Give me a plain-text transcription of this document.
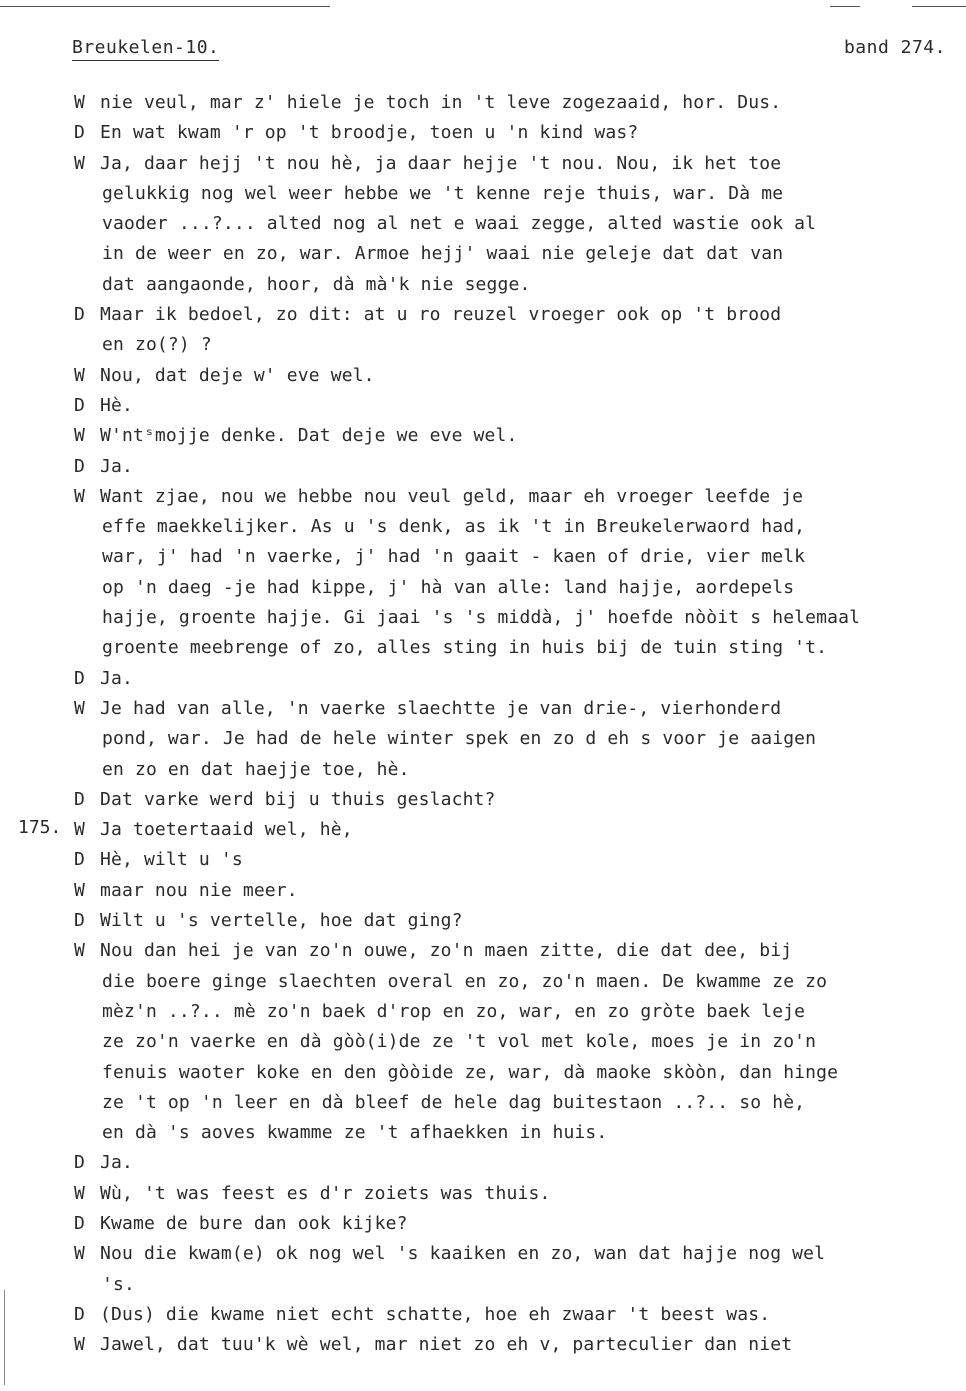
Breukelen-10.	band 274.
175.
W nie veul, mar z' hiele je toch in 't leve zogezaaid, hor. Dus.
D En wat kwam 'r op 't broodje, toen u 'n kind was?
W Ja, daar hejj 't nou hè, ja daar hejje 't nou. Nou, ik het toe
gelukkig nog wel weer hebbe we 't kenne reje thuis, war. Dà me
vaoder ...?... alted nog al net e waai zegge, alted wastie ook al
in de weer en zo, war. Armoe hejj' waai nie geleje dat dat van
dat aangaonde, hoor, dà mà'k nie segge.
D Maar ik bedoel, zo dit: at u ro reuzel vroeger ook op 't brood
en zo(?) ?
W Nou, dat deje w' eve wel.
D Hè.
W W'ntˢmojje denke. Dat deje we eve wel.
D Ja.
W Want zjae, nou we hebbe nou veul geld, maar eh vroeger leefde je
effe maekkelijker. As u 's denk, as ik 't in Breukelerwaord had,
war, j' had 'n vaerke, j' had 'n gaait - kaen of drie, vier melk
op 'n daeg -je had kippe, j' hà van alle: land hajje, aordepels
hajje, groente hajje. Gi jaai 's 's middà, j' hoefde nòòit s helemaal
groente meebrenge of zo, alles sting in huis bij de tuin sting 't.
D Ja.
W Je had van alle, 'n vaerke slaechtte je van drie-, vierhonderd
pond, war. Je had de hele winter spek en zo d eh s voor je aaigen
en zo en dat haejje toe, hè.
D Dat varke werd bij u thuis geslacht?
W Ja toetertaaid wel, hè,
D Hè, wilt u 's
W maar nou nie meer.
D Wilt u 's vertelle, hoe dat ging?
W Nou dan hei je van zo'n ouwe, zo'n maen zitte, die dat dee, bij
die boere ginge slaechten overal en zo, zo'n maen. De kwamme ze zo
mèz'n ..?.. mè zo'n baek d'rop en zo, war, en zo gròte baek leje
ze zo'n vaerke en dà gòò(i)de ze 't vol met kole, moes je in zo'n
fenuis waoter koke en den gòòide ze, war, dà maoke skòòn, dan hinge
ze 't op 'n leer en dà bleef de hele dag buitestaon ..?.. so hè,
en dà 's aoves kwamme ze 't afhaekken in huis.
D Ja.
W Wù, 't was feest es d'r zoiets was thuis.
D Kwame de bure dan ook kijke?
W Nou die kwam(e) ok nog wel 's kaaiken en zo, wan dat hajje nog wel
's.
D (Dus) die kwame niet echt schatte, hoe eh zwaar 't beest was.
W Jawel, dat tuu'k wè wel, mar niet zo eh v, parteculier dan niet
